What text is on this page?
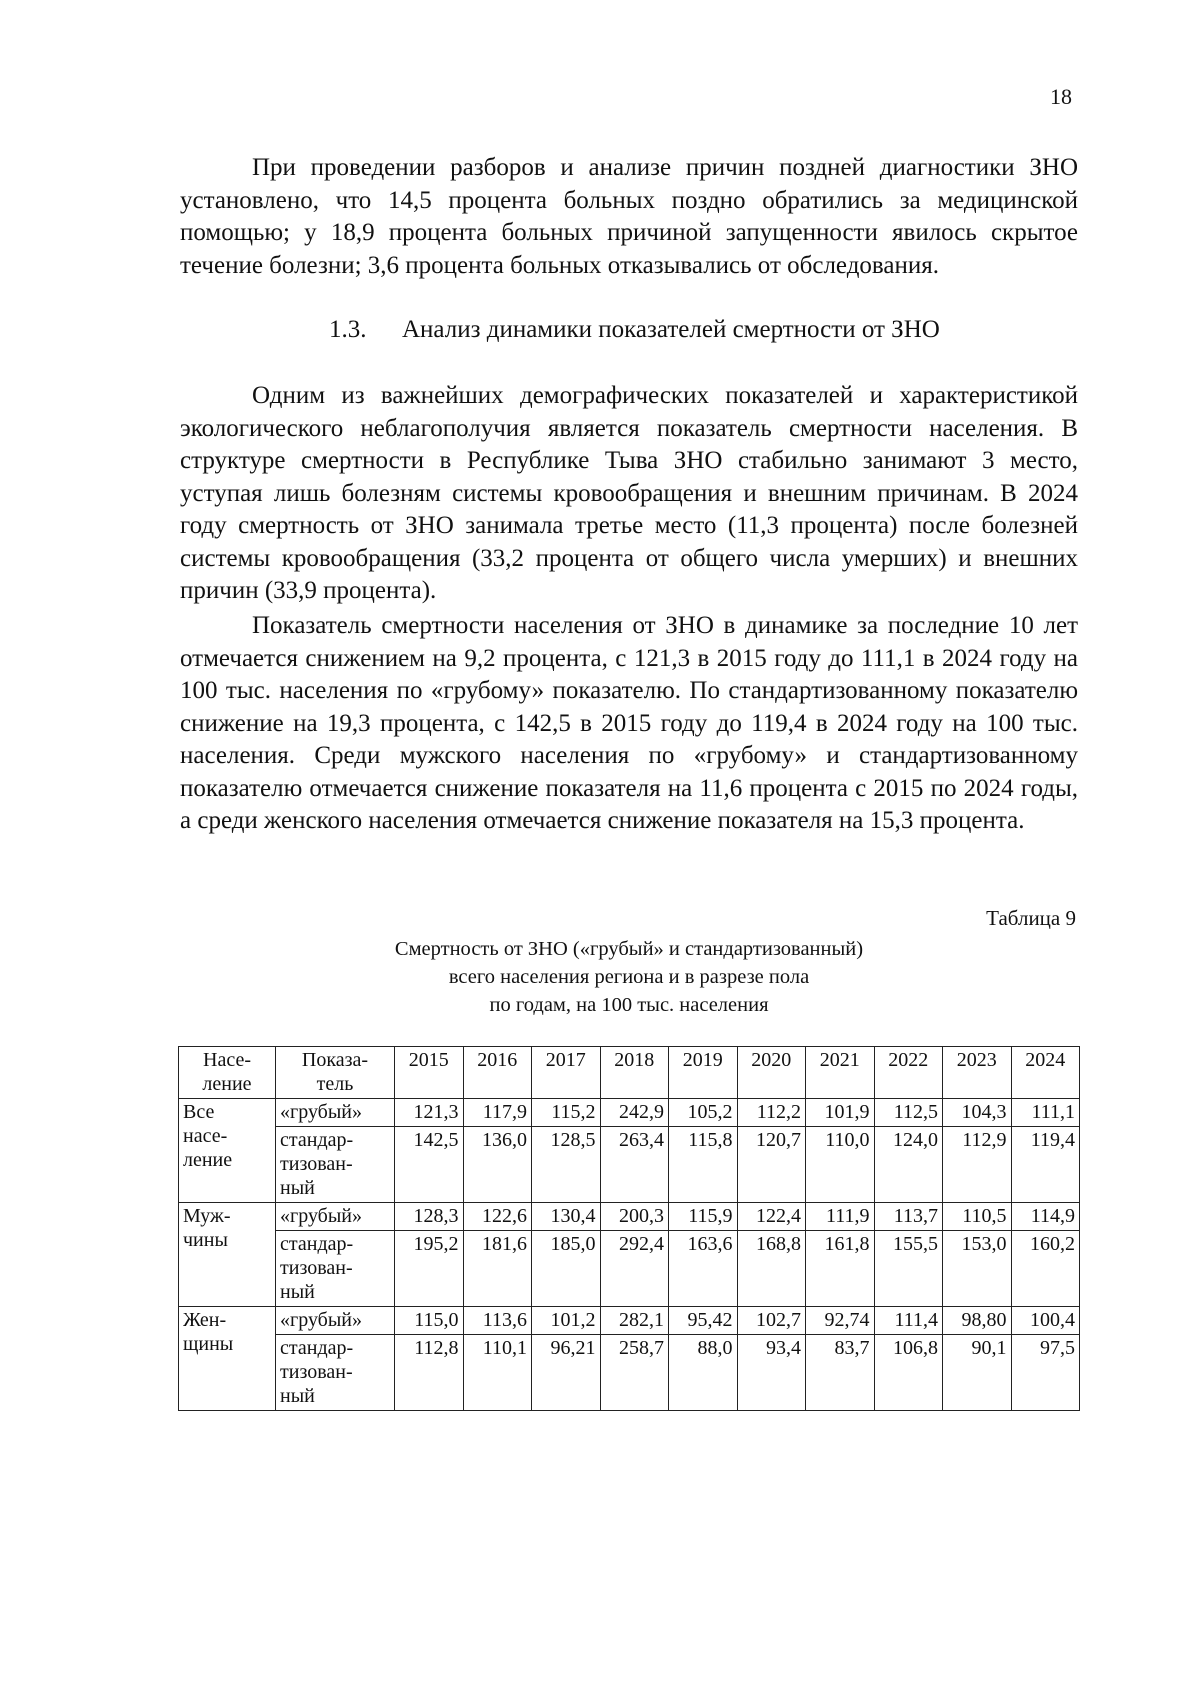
18

При проведении разборов и анализе причин поздней диагностики ЗНО установлено, что 14,5 процента больных поздно обратились за медицинской помощью; у 18,9 процента больных причиной запущенности явилось скрытое течение болезни; 3,6 процента больных отказывались от обследования.

1.3. Анализ динамики показателей смертности от ЗНО

Одним из важнейших демографических показателей и характеристикой экологического неблагополучия является показатель смертности населения. В структуре смертности в Республике Тыва ЗНО стабильно занимают 3 место, уступая лишь болезням системы кровообращения и внешним причинам. В 2024 году смертность от ЗНО занимала третье место (11,3 процента) после болезней системы кровообращения (33,2 процента от общего числа умерших) и внешних причин (33,9 процента).

Показатель смертности населения от ЗНО в динамике за последние 10 лет отмечается снижением на 9,2 процента, с 121,3 в 2015 году до 111,1 в 2024 году на 100 тыс. населения по «грубому» показателю. По стандартизованному показателю снижение на 19,3 процента, с 142,5 в 2015 году до 119,4 в 2024 году на 100 тыс. населения. Среди мужского населения по «грубому» и стандартизованному показателю отмечается снижение показателя на 11,6 процента с 2015 по 2024 годы, а среди женского населения отмечается снижение показателя на 15,3 процента.

Таблица 9
Смертность от ЗНО («грубый» и стандартизованный)
всего населения региона и в разрезе пола
по годам, на 100 тыс. населения
Насе-
ление	Показа-
тель	2015	2016	2017	2018	2019	2020	2021	2022	2023	2024
Все
насе-
ление	«грубый»	121,3	117,9	115,2	242,9	105,2	112,2	101,9	112,5	104,3	111,1
	стандар-
тизован-
ный	142,5	136,0	128,5	263,4	115,8	120,7	110,0	124,0	112,9	119,4
Муж-
чины	«грубый»	128,3	122,6	130,4	200,3	115,9	122,4	111,9	113,7	110,5	114,9
	стандар-
тизован-
ный	195,2	181,6	185,0	292,4	163,6	168,8	161,8	155,5	153,0	160,2
Жен-
щины	«грубый»	115,0	113,6	101,2	282,1	95,42	102,7	92,74	111,4	98,80	100,4
	стандар-
тизован-
ный	112,8	110,1	96,21	258,7	88,0	93,4	83,7	106,8	90,1	97,5
